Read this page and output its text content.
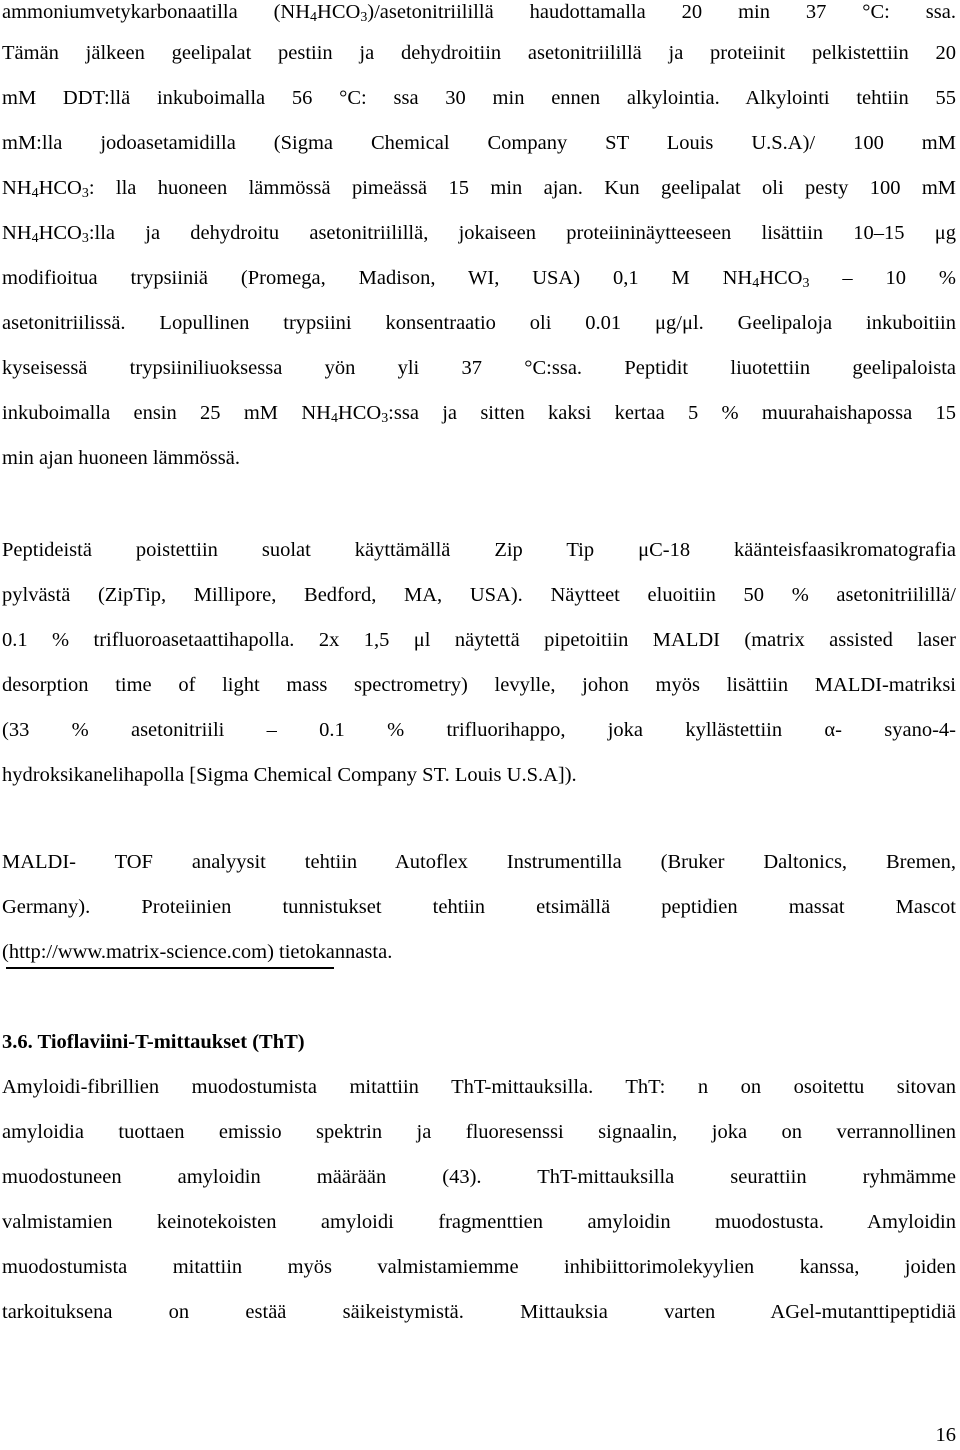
ammoniumvetykarbonaatilla $(NH_4HCO_3)$/asetonitriilillä haudottamalla 20 min 37 °C: ssa.
Tämän jälkeen geelipalat pestiin ja dehydroitiin asetonitriilillä ja proteiinit pelkistettiin 20
mM DDT:llä inkuboimalla 56 °C: ssa 30 min ennen alkylointia. Alkylointi tehtiin 55
mM:lla jodoasetamidilla (Sigma Chemical Company ST Louis U.S.A)/ 100 mM
$NH_4HCO_3$: lla huoneen lämmössä pimeässä 15 min ajan. Kun geelipalat oli pesty 100 mM
$NH_4HCO_3:lla$ ja dehydroitu asetonitriilillä, jokaiseen proteiininäytteeseen lisättiin 10–15 μg
modifioitua trypsiiniä (Promega, Madison, WI, USA) 0,1 M $NH_4HCO_3 - 10$ %
asetonitriilissä. Lopullinen trypsiini konsentraatio oli 0.01 μg/μl. Geelipaloja inkuboitiin
kyseisessä trypsiiniliuoksessa yön yli 37 °C:ssa. Peptidit liuotettiin geelipaloista
inkuboimalla ensin 25 mM $NH_4HCO_3:ssa$ ja sitten kaksi kertaa 5 % muurahaishapossa 15
min ajan huoneen lämmössä.
Peptideistä poistettiin suolat käyttämällä Zip Tip μC-18 käänteisfaasikromatografia
pylvästä (ZipTip, Millipore, Bedford, MA, USA). Näytteet eluoitiin 50 % asetonitriilillä/
0.1 % trifluoroasetaattihapolla. 2x 1,5 μl näytettä pipetoitiin MALDI (matrix assisted laser
desorption time of light mass spectrometry) levylle, johon myös lisättiin MALDI-matriksi
(33 % asetonitriili – 0.1 % trifluorihappo, joka kyllästettiin α- syano-4-
hydroksikanelihapolla [Sigma Chemical Company ST. Louis U.S.A]).
MALDI- TOF analyysit tehtiin Autoflex Instrumentilla (Bruker Daltonics, Bremen,
Germany). Proteiinien tunnistukset tehtiin etsimällä peptidien massat Mascot
(http://www.matrix-science.com) tietokannasta.
3.6. Tioflaviini-T-mittaukset (ThT)
Amyloidi-fibrillien muodostumista mitattiin ThT-mittauksilla. ThT: n on osoitettu sitovan
amyloidia tuottaen emissio spektrin ja fluoresenssi signaalin, joka on verrannollinen
muodostuneen amyloidin määrään (43). ThT-mittauksilla seurattiin ryhmämme
valmistamien keinotekoisten amyloidi fragmenttien amyloidin muodostusta. Amyloidin
muodostumista mitattiin myös valmistamiemme inhibiittorimolekyylien kanssa, joiden
tarkoituksena on estää säikeistymistä. Mittauksia varten AGel-mutanttipeptidiä
16
